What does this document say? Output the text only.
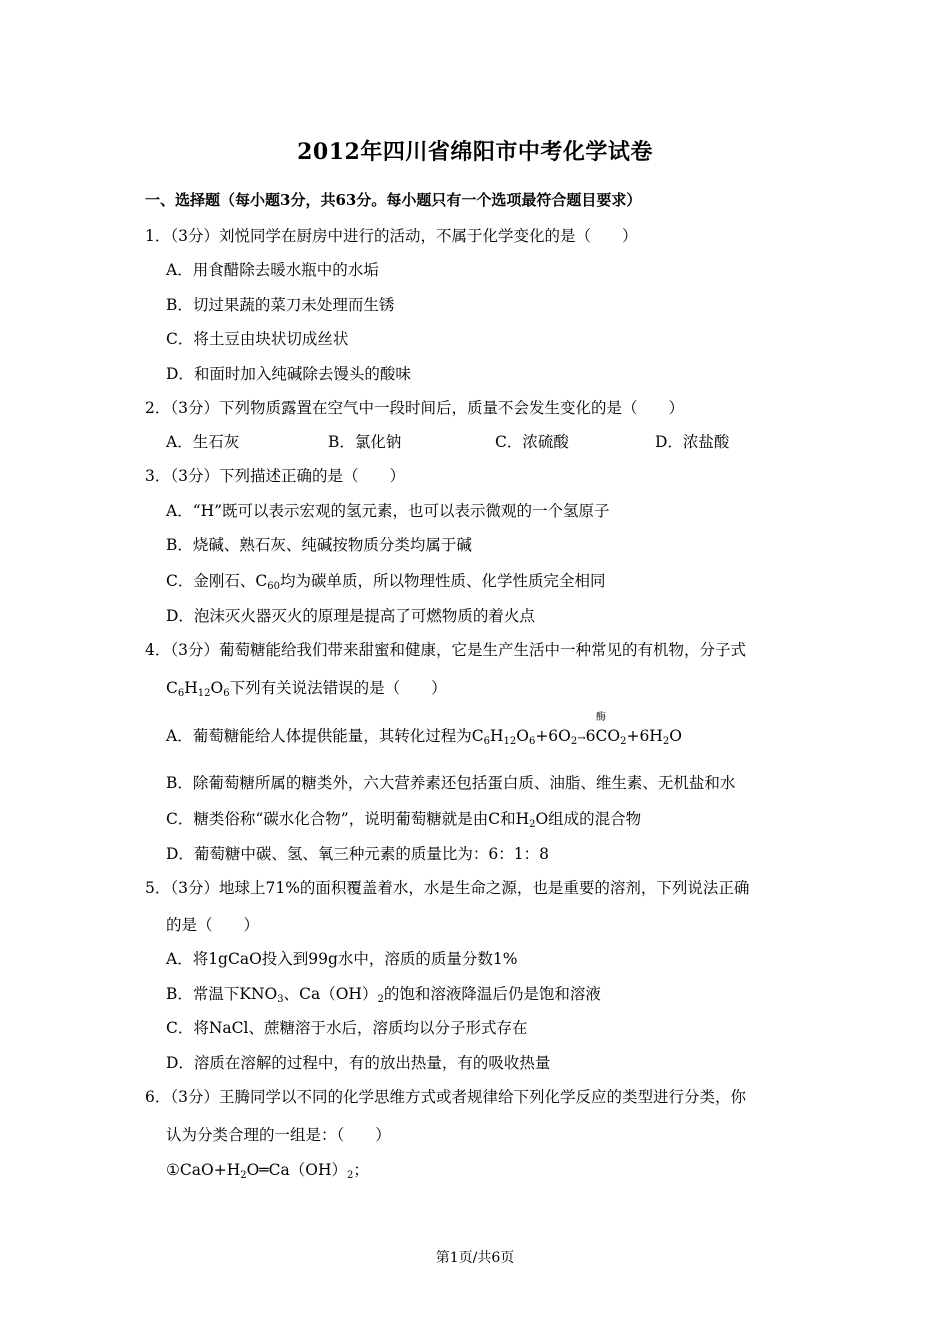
2012年四川省绵阳市中考化学试卷
一、选择题（每小题3分，共63分。每小题只有一个选项最符合题目要求）
1．（3分）刘悦同学在厨房中进行的活动，不属于化学变化的是（　　）
A．用食醋除去暖水瓶中的水垢
B．切过果蔬的菜刀未处理而生锈
C．将土豆由块状切成丝状
D．和面时加入纯碱除去馒头的酸味
2．（3分）下列物质露置在空气中一段时间后，质量不会发生变化的是（　　）
A．生石灰	B．氯化钠	C．浓硫酸	D．浓盐酸
3．（3分）下列描述正确的是（　　）
A．“H”既可以表示宏观的氢元素，也可以表示微观的一个氢原子
B．烧碱、熟石灰、纯碱按物质分类均属于碱
C．金刚石、$C_{60}$均为碳单质，所以物理性质、化学性质完全相同
D．泡沫灭火器灭火的原理是提高了可燃物质的着火点
4．（3分）葡萄糖能给我们带来甜蜜和健康，它是生产生活中一种常见的有机物，分子式
$C_6H_{12}O_6$下列有关说法错误的是（　　）
酶
A．葡萄糖能给人体提供能量，其转化过程为$C_6H_{12}O_6+6O_2\to 6CO_2+6H_2O$
B．除葡萄糖所属的糖类外，六大营养素还包括蛋白质、油脂、维生素、无机盐和水
C．糖类俗称“碳水化合物”，说明葡萄糖就是由C和$H_2O$组成的混合物
D．葡萄糖中碳、氢、氧三种元素的质量比为：6：1：8
5．（3分）地球上71%的面积覆盖着水，水是生命之源，也是重要的溶剂，下列说法正确
的是（　　）
A．将1gCaO投入到99g水中，溶质的质量分数1%
B．常温下$KNO_3$、$Ca(OH)_2$的饱和溶液降温后仍是饱和溶液
C．将NaCl、蔗糖溶于水后，溶质均以分子形式存在
D．溶质在溶解的过程中，有的放出热量，有的吸收热量
6．（3分）王腾同学以不同的化学思维方式或者规律给下列化学反应的类型进行分类，你
认为分类合理的一组是：（　　）
$①CaO+H_2O═Ca(OH)_2$；
第1页/共6页
